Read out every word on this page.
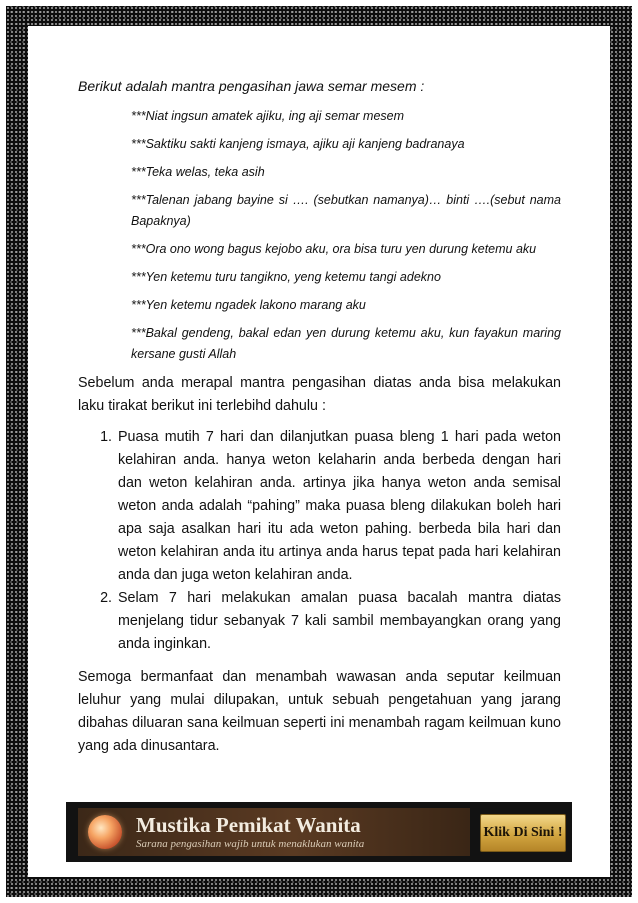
Berikut adalah mantra pengasihan jawa semar mesem :

***Niat ingsun amatek ajiku, ing aji semar mesem
***Saktiku sakti kanjeng ismaya, ajiku aji kanjeng badranaya
***Teka welas, teka asih
***Talenan jabang bayine si …. (sebutkan namanya)… binti ….(sebut nama Bapaknya)
***Ora ono wong bagus kejobo aku, ora bisa turu yen durung ketemu aku
***Yen ketemu turu tangikno, yeng ketemu tangi adekno
***Yen ketemu ngadek lakono marang aku
***Bakal gendeng, bakal edan yen durung ketemu aku, kun fayakun maring kersane gusti Allah

Sebelum anda merapal mantra pengasihan diatas anda bisa melakukan laku tirakat berikut ini terlebihd dahulu :

1. Puasa mutih 7 hari dan dilanjutkan puasa bleng 1 hari pada weton kelahiran anda. hanya weton kelaharin anda berbeda dengan hari dan weton kelahiran anda. artinya jika hanya weton anda semisal weton anda adalah “pahing” maka puasa bleng dilakukan boleh hari apa saja asalkan hari itu ada weton pahing. berbeda bila hari dan weton kelahiran anda itu artinya anda harus tepat pada hari kelahiran anda dan juga weton kelahiran anda.
2. Selam 7 hari melakukan amalan puasa bacalah mantra diatas menjelang tidur sebanyak 7 kali sambil membayangkan orang yang anda inginkan.

Semoga bermanfaat dan menambah wawasan anda seputar keilmuan leluhur yang mulai dilupakan, untuk sebuah pengetahuan yang jarang dibahas diluaran sana keilmuan seperti ini menambah ragam keilmuan kuno yang ada dinusantara.

Mustika Pemikat Wanita
Sarana pengasihan wajib untuk menaklukan wanita
Klik Di Sini !
